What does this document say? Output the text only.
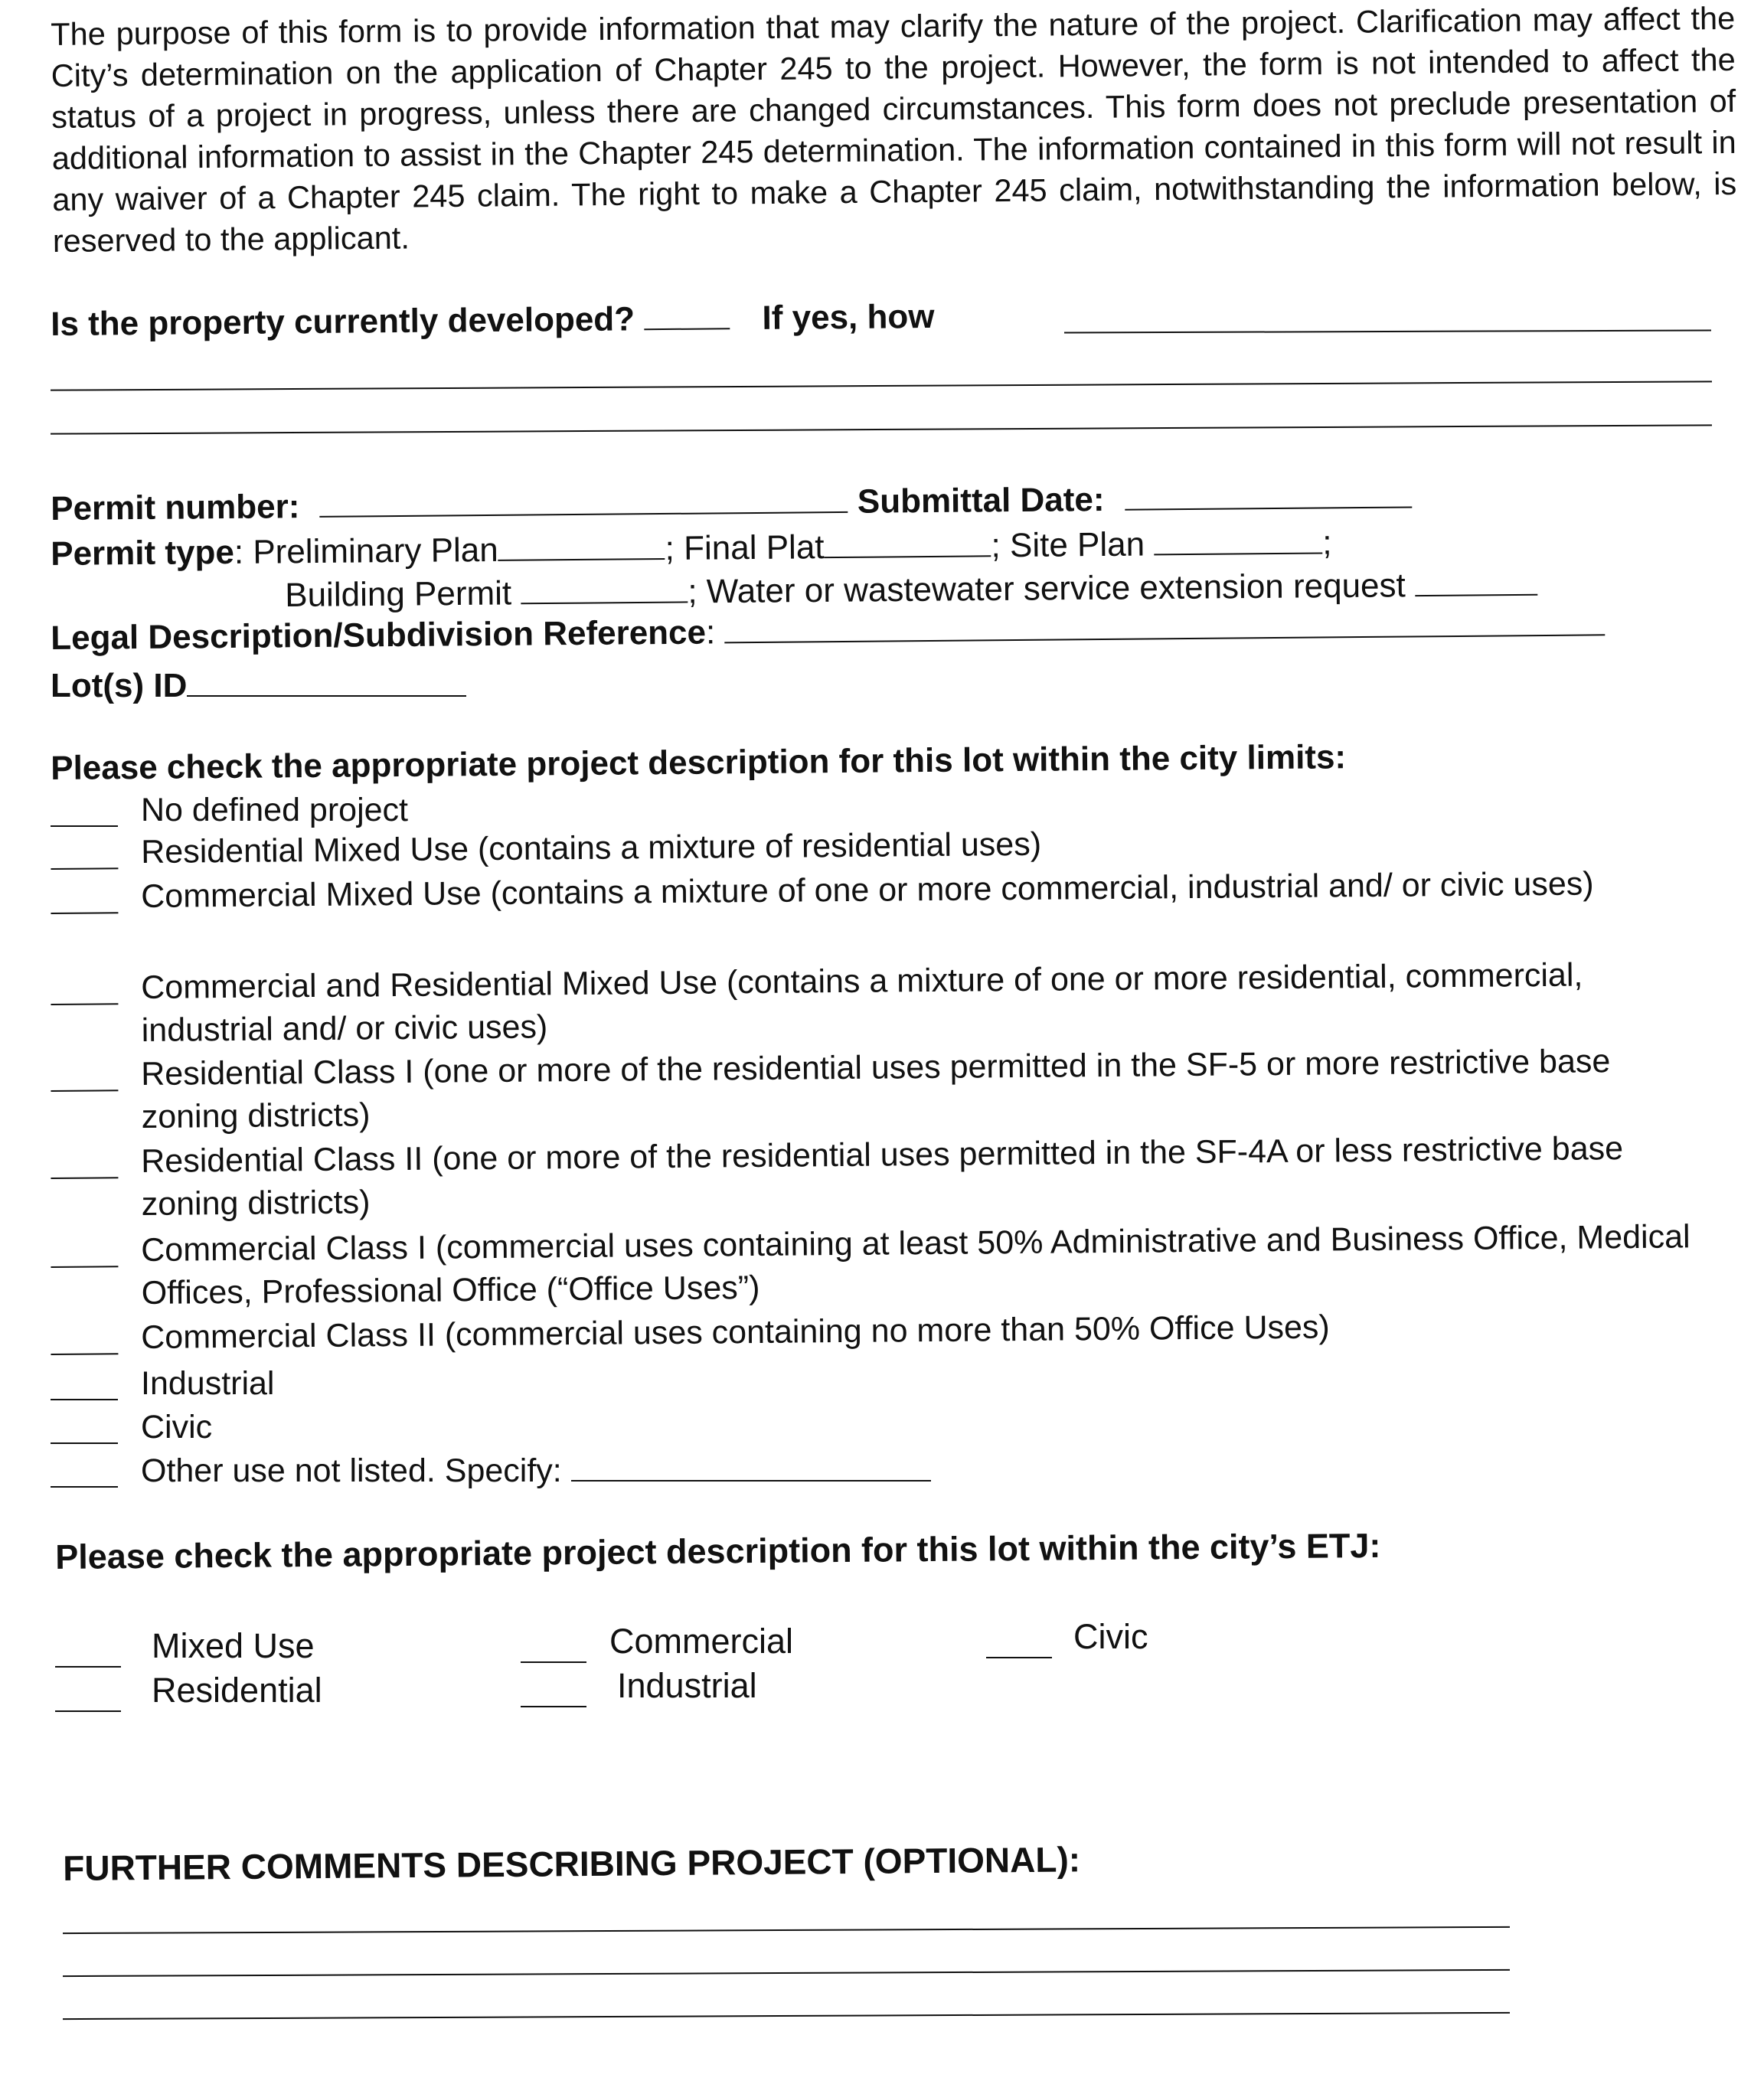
The purpose of this form is to provide information that may clarify the nature of the project. Clarification may affect the City’s determination on the application of Chapter 245 to the project. However, the form is not intended to affect the status of a project in progress, unless there are changed circumstances. This form does not preclude presentation of additional information to assist in the Chapter 245 determination. The information contained in this form will not result in any waiver of a Chapter 245 claim. The right to make a Chapter 245 claim, notwithstanding the information below, is reserved to the applicant.
Is the property currently developed?	If yes, how
Permit number:	Submittal Date:
Permit type: Preliminary Plan	; Final Plat	; Site Plan	;
Building Permit	; Water or wastewater service extension request
Legal Description/Subdivision Reference:
Lot(s) ID
Please check the appropriate project description for this lot within the city limits:
No defined project
Residential Mixed Use (contains a mixture of residential uses)
Commercial Mixed Use (contains a mixture of one or more commercial, industrial and/ or civic uses)
Commercial and Residential Mixed Use (contains a mixture of one or more residential, commercial, industrial and/ or civic uses)
Residential Class I (one or more of the residential uses permitted in the SF-5 or more restrictive base zoning districts)
Residential Class II (one or more of the residential uses permitted in the SF-4A or less restrictive base zoning districts)
Commercial Class I (commercial uses containing at least 50% Administrative and Business Office, Medical Offices, Professional Office (“Office Uses”)
Commercial Class II (commercial uses containing no more than 50% Office Uses)
Industrial
Civic
Other use not listed. Specify:
Please check the appropriate project description for this lot within the city’s ETJ:
Mixed Use
Residential
Commercial
Industrial
Civic
FURTHER COMMENTS DESCRIBING PROJECT (OPTIONAL):
